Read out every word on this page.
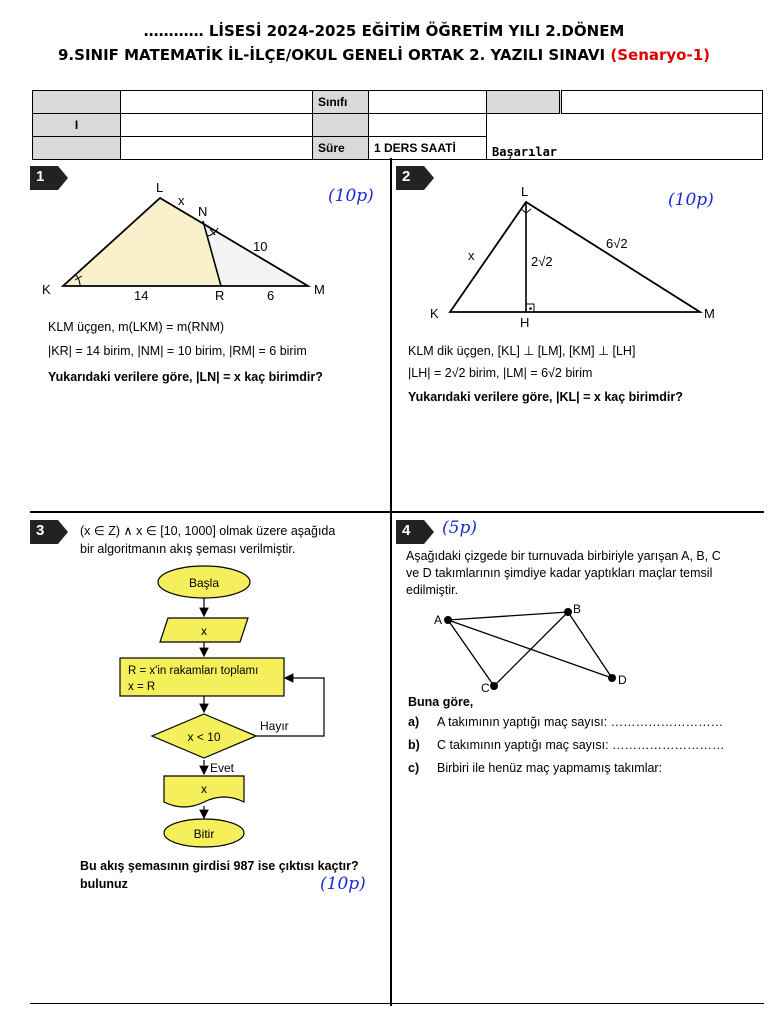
………… LİSESİ 2024-2025 EĞİTİM ÖĞRETİM YILI 2.DÖNEM
9.SINIF MATEMATİK İL-İLÇE/OKUL GENELİ ORTAK 2. YAZILI SINAVI (Senaryo-1)
		Sınıfı			
I				Başarılar	
		Süre	1 DERS SAATİ		
1	2
3	4
(10p)
L
K	M
N
R
x
10
14	6
KLM üçgen, m(LKM) = m(RNM)
|KR| = 14 birim, |NM| = 10 birim, |RM| = 6 birim
Yukarıdaki verilere göre, |LN| = x kaç birimdir?
(10p)
L
K	M
H
x	2√2
6√2
KLM dik üçgen, [KL] ⊥ [LM], [KM] ⊥ [LH]
|LH| = 2√2 birim, |LM| = 6√2 birim
Yukarıdaki verilere göre, |KL| = x kaç birimdir?
(x ∈ Z) ∧ x ∈ [10, 1000] olmak üzere aşağıda
bir algoritmanın akış şeması verilmiştir.
Başla
x
R = x'in rakamları toplamı
x = R
x < 10
Hayır
Evet
x
Bitir
Bu akış şemasının girdisi 987 ise çıktısı kaçtır?
bulunuz	(10p)
(5p)
Aşağıdaki çizgede bir turnuvada birbiriyle yarışan A, B, C
ve D takımlarının şimdiye kadar yaptıkları maçlar temsil
edilmiştir.
A
B
C
D
Buna göre,
a) A takımının yaptığı maç sayısı: ………………………
b) C takımının yaptığı maç sayısı: ………………………
c) Birbiri ile henüz maç yapmamış takımlar:
